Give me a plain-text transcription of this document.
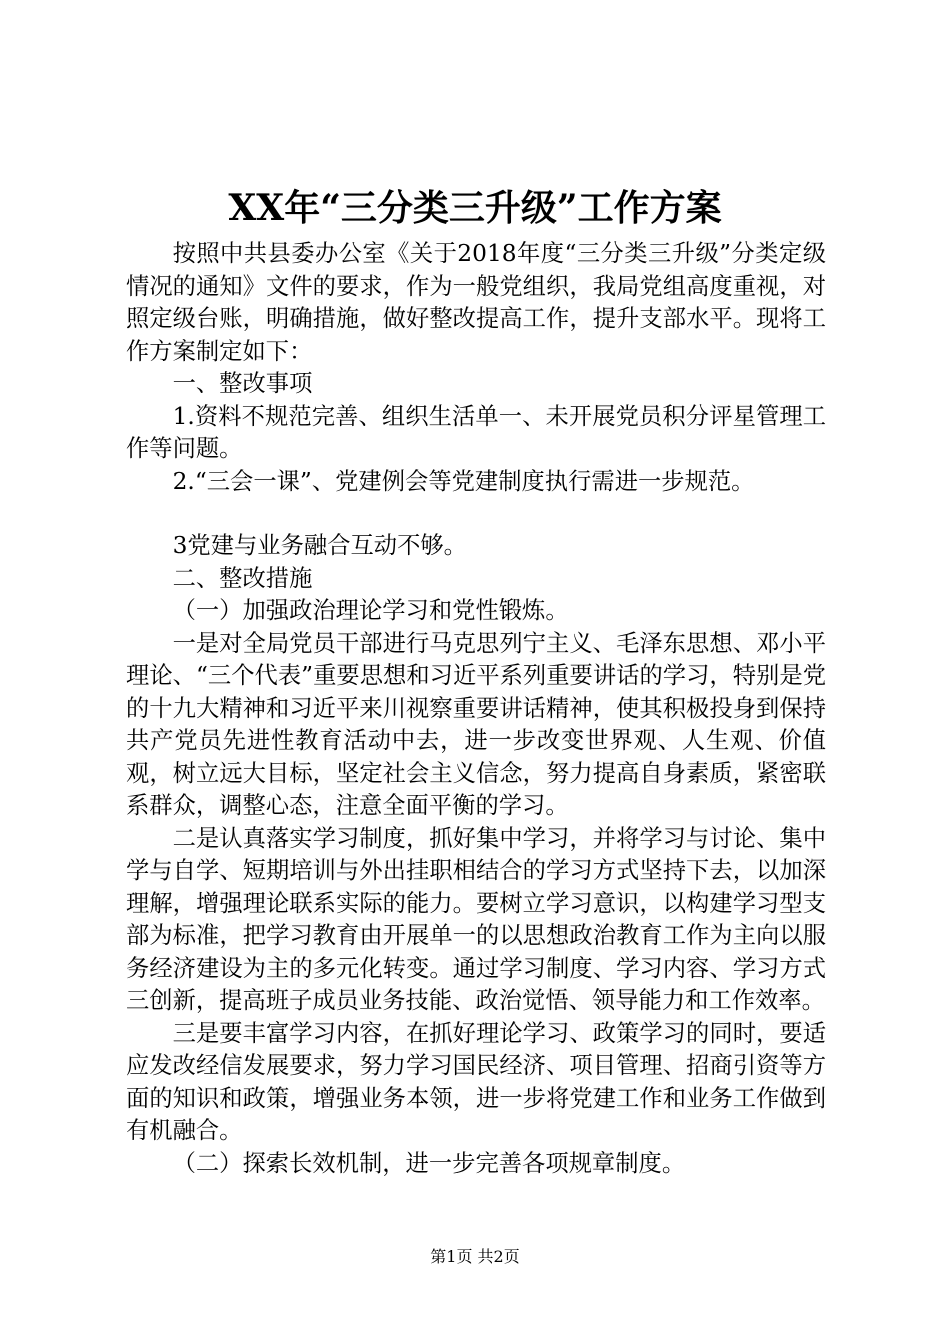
XX年“三分类三升级”工作方案

按照中共县委办公室《关于2018年度“三分类三升级”分类定级情况的通知》文件的要求，作为一般党组织，我局党组高度重视，对照定级台账，明确措施，做好整改提高工作，提升支部水平。现将工作方案制定如下：

一、整改事项

1.资料不规范完善、组织生活单一、未开展党员积分评星管理工作等问题。

2.“三会一课”、党建例会等党建制度执行需进一步规范。

3党建与业务融合互动不够。

二、整改措施

（一）加强政治理论学习和党性锻炼。

一是对全局党员干部进行马克思列宁主义、毛泽东思想、邓小平理论、“三个代表”重要思想和习近平系列重要讲话的学习，特别是党的十九大精神和习近平来川视察重要讲话精神，使其积极投身到保持共产党员先进性教育活动中去，进一步改变世界观、人生观、价值观，树立远大目标，坚定社会主义信念，努力提高自身素质，紧密联系群众，调整心态，注意全面平衡的学习。

二是认真落实学习制度，抓好集中学习，并将学习与讨论、集中学与自学、短期培训与外出挂职相结合的学习方式坚持下去，以加深理解，增强理论联系实际的能力。要树立学习意识，以构建学习型支部为标准，把学习教育由开展单一的以思想政治教育工作为主向以服务经济建设为主的多元化转变。通过学习制度、学习内容、学习方式三创新，提高班子成员业务技能、政治觉悟、领导能力和工作效率。

三是要丰富学习内容，在抓好理论学习、政策学习的同时，要适应发改经信发展要求，努力学习国民经济、项目管理、招商引资等方面的知识和政策，增强业务本领，进一步将党建工作和业务工作做到有机融合。

（二）探索长效机制，进一步完善各项规章制度。

第1页 共2页
